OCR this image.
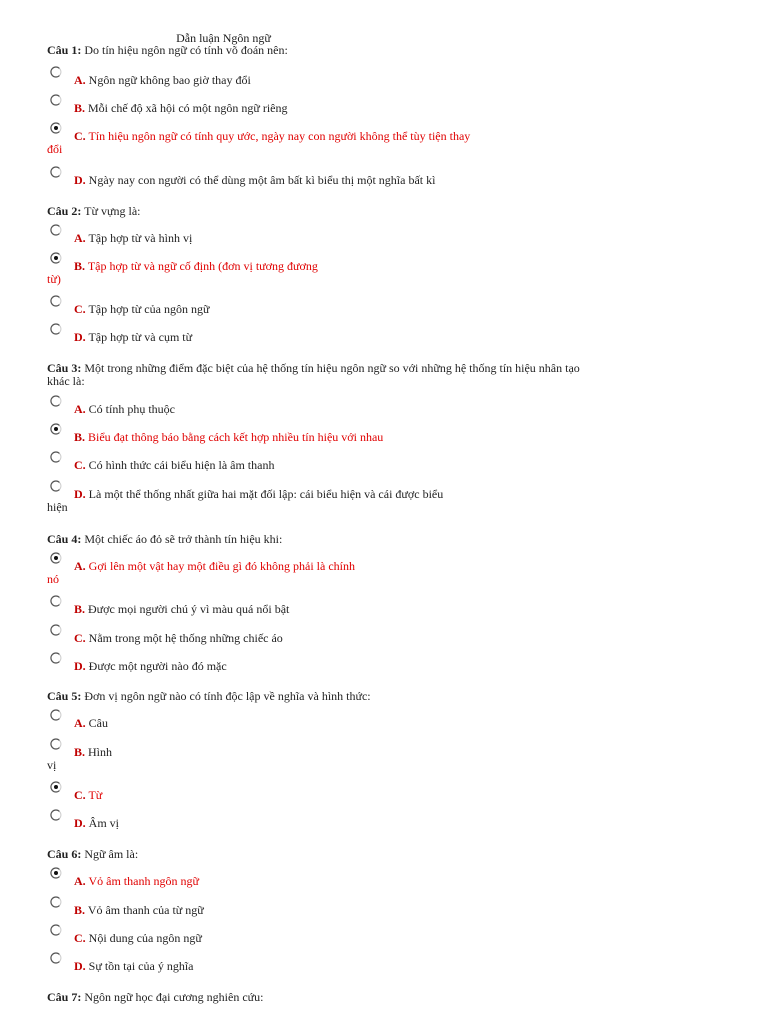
Dẫn luận Ngôn ngữ
Câu 1: Do tín hiệu ngôn ngữ có tính võ đoán nên:
A. Ngôn ngữ không bao giờ thay đổi
B. Mỗi chế độ xã hội có một ngôn ngữ riêng
C. Tín hiệu ngôn ngữ có tính quy ước, ngày nay con người không thể tùy tiện thay
đổi
D. Ngày nay con người có thể dùng một âm bất kì biểu thị một nghĩa bất kì
Câu 2: Từ vựng là:
A. Tập hợp từ và hình vị
B. Tập hợp từ và ngữ cố định (đơn vị tương đương
từ)
C. Tập hợp từ của ngôn ngữ
D. Tập hợp từ và cụm từ
Câu 3: Một trong những điểm đặc biệt của hệ thống tín hiệu ngôn ngữ so với những hệ thống tín hiệu nhân tạo
khác là:
A. Có tính phụ thuộc
B. Biểu đạt thông báo bằng cách kết hợp nhiều tín hiệu với nhau
C. Có hình thức cái biểu hiện là âm thanh
D. Là một thể thống nhất giữa hai mặt đối lập: cái biểu hiện và cái được biểu
hiện
Câu 4: Một chiếc áo đỏ sẽ trở thành tín hiệu khi:
A. Gợi lên một vật hay một điều gì đó không phải là chính
nó
B. Được mọi người chú ý vì màu quá nổi bật
C. Nằm trong một hệ thống những chiếc áo
D. Được một người nào đó mặc
Câu 5: Đơn vị ngôn ngữ nào có tính độc lập về nghĩa và hình thức:
A. Câu
B. Hình
vị
C. Từ
D. Âm vị
Câu 6: Ngữ âm là:
A. Vỏ âm thanh ngôn ngữ
B. Vỏ âm thanh của từ ngữ
C. Nội dung của ngôn ngữ
D. Sự tồn tại của ý nghĩa
Câu 7: Ngôn ngữ học đại cương nghiên cứu:
